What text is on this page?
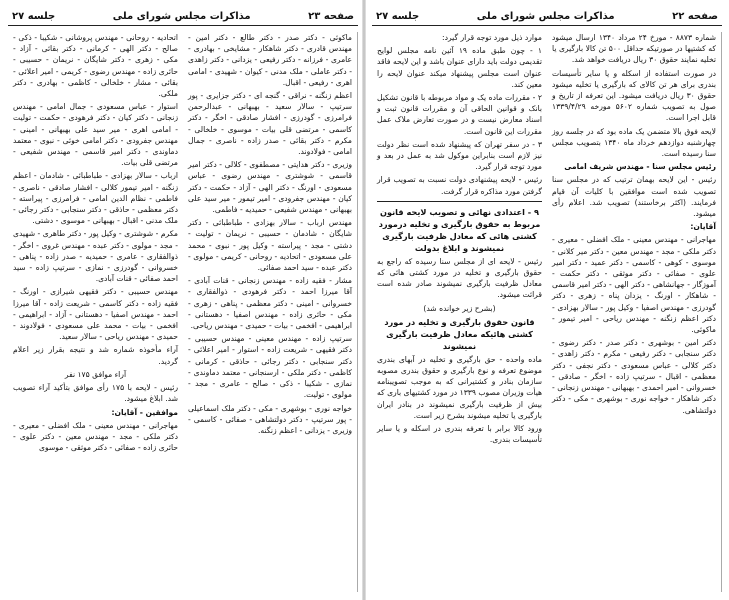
صفحه ۲۳
مذاکرات مجلس شورای ملی
جلسه ۲۷

اتحادیه - روحانی - مهندس پروشانی - شکیبا - ذکی - صالح - دکتر الهی - کرمانی - دکتر بقائی - آزاد - مکی - زهری - دکتر شایگان - نریمان - حسیبی - حائری زاده - مهندس رضوی - کریمی - امیر اعلائی - بقائی - مشار - خلخالی - کاظمی - بهادری - دکتر ملکی.

استوار - عباس مسعودی - جمال امامی - مهندس زنجانی - دکتر کیان - دکتر فرهودی - حکمت - تولیت - امامی اهری - میر سید علی بهبهانی - امینی - مهندس جفرودی - دکتر امامی خوئی - نبوی - معتمد دماوندی - دکتر امیر قاسمی - مهندس شفیعی - مرتضی قلی بیات.

ارباب - سالار بهزادی - طباطبائی - شادمان - اعظم زنگنه - امیر تیمور کلالی - افشار صادقی - ناصری - فاطمی - نظام الدین امامی - فرامرزی - پیراسته - دکتر معظمی - حاذقی - دکتر سنجابی - دکتر رجائی - ملک مدنی - اقبال - بهبهانی - موسوی - دشتی.

مکرم - شوشتری - وکیل پور - دکتر طاهری - شهیدی - مجد - مولوی - دکتر عبده - مهندس غروی - اخگر - ذوالفقاری - عامری - حمیدیه - صدر زاده - پناهی - خسروانی - گودرزی - نمازی - سرتیپ زاده - سید احمد صفائی - قنات آبادی.

مهندس حسیبی - دکتر فقیهی شیرازی - اورنگ - فقیه زاده - دکتر کاسمی - شریعت زاده - آقا میرزا احمد - مهندس اصفیا - دهستانی - آزاد - ابراهیمی - افخمی - بیات - محمد علی مسعودی - فولادوند - حمیدی - مهندس ریاحی - سالار سعید.

آراء مأخوذه شماره شد و نتیجه بقرار زیر اعلام گردید.

آراء موافق ۱۷۵ نفر

رئیس - لایحه با ۱۷۵ رأی موافق بتأکید آراء تصویب شد. ابلاغ میشود.

موافقین - آقایان:

مهاجرانی - مهندس معینی - ملک افضلی - معیری - دکتر ملکی - مجد - مهندس معین - دکتر علوی - حائری زاده - صفائی - دکتر موثقی - موسوی

ماکوئی - دکتر صدر - دکتر طالع - دکتر امین - مهندس قادری - دکتر شاهکار - مشایخی - بهادری - عامری - فرزانه - دکتر رفیعی - یزدانی - دکتر زاهدی - دکتر عاملی - ملک مدنی - کیوان - شهیدی - امامی اهری - رفیعی - اقبال.

اعظم زنگنه - نراقی - گنجه ای - دکتر جزایری - پور سرتیپ - سالار سعید - بهبهانی - عبدالرحمن فرامرزی - گودرزی - افشار صادقی - اخگر - دکتر کاسمی - مرتضی قلی بیات - موسوی - خلخالی - مکرم - دکتر بقائی - صدر زاده - ناصری - جمال امامی - فولادوند.

وزیری - دکتر هدایتی - مصطفوی - کلالی - دکتر امیر قاسمی - شوشتری - مهندس رضوی - عباس مسعودی - اورنگ - دکتر الهی - آزاد - حکمت - دکتر کیان - مهندس جفرودی - امیر تیمور - میر سید علی بهبهانی - مهندس شفیعی - حمیدیه - فاطمی.

مهندس ارباب - سالار بهزادی - طباطبائی - دکتر شایگان - شادمان - حسیبی - نریمان - تولیت - دشتی - مجد - پیراسته - وکیل پور - نبوی - محمد علی مسعودی - اتحادیه - روحانی - کریمی - مولوی - دکتر عبده - سید احمد صفائی.

مشار - فقیه زاده - مهندس زنجانی - قنات آبادی - آقا میرزا احمد - دکتر فرهودی - ذوالفقاری - خسروانی - امینی - دکتر معظمی - پناهی - زهری - مکی - حائری زاده - مهندس اصفیا - دهستانی - ابراهیمی - افخمی - بیات - حمیدی - مهندس ریاحی.

سرتیپ زاده - مهندس معینی - مهندس حسیبی - دکتر فقیهی - شریعت زاده - استوار - امیر اعلائی - دکتر سنجابی - دکتر رجائی - حاذقی - کرمانی - کاظمی - دکتر ملکی - ارسنجانی - معتمد دماوندی - نمازی - شکیبا - ذکی - صالح - عامری - مجد - مولوی - تولیت.

خواجه نوری - بوشهری - مکی - دکتر ملک اسماعیلی - پور سرتیپ - دکتر دولتشاهی - صفائی - کاسمی - وزیری - یزدانی - اعظم زنگنه.

صفحه ۲۲
مذاکرات مجلس شورای ملی
جلسه ۲۷

موارد ذیل مورد توجه قرار گیرد:

۱ - چون طبق ماده ۱۹ آئین نامه مجلس لوایح تقدیمی دولت باید دارای عنوان باشد و این لایحه فاقد عنوان است مجلس پیشنهاد میکند عنوان لایحه را معین کند.

۲ - مقررات ماده یک و مواد مربوطه با قانون تشکیل بانک و قوانین الحاقی آن و مقررات قانون ثبت و اسناد معارض نیست و در صورت تعارض ملاک عمل مقررات این قانون است.

۳ - در سفر تهران که پیشنهاد شده است نظر دولت نیز لازم است بنابراین موکول شد به عمل در بعد و مورد توجه قرار گیرد.

رئیس - لایحه پیشنهادی دولت نسبت به تصویب قرار گرفتن مورد مذاکره قرار گرفت.

۹ - اعتدادی نهائی و تصویب لایحه قانون مربوط به حقوق بارگیری و تخلیه درمورد کشتی هائی که معادل ظرفیت بارگیری نمیشوند و ابلاغ بدولت

رئیس - لایحه ای از مجلس سنا رسیده که راجع به حقوق بارگیری و تخلیه در مورد کشتی هائی که معادل ظرفیت بارگیری نمیشوند صادر شده است قرائت میشود.

(بشرح زیر خوانده شد)

قانون حقوق بارگیری و تخلیه در مورد کشتی هائیکه معادل ظرفیت بارگیری نمیشوند

ماده واحده - حق بارگیری و تخلیه در آبهای بندری موضوع تعرفه و نوع بارگیری و حقوق بندری مصوبه سازمان بنادر و کشتیرانی که به موجب تصویبنامه هیأت وزیران مصوب ۱۳۳۹ در مورد کشتیهای باری که بیش از ظرفیت بارگیری نمیشوند در بنادر ایران بارگیری یا تخلیه میشوند بشرح زیر است.

ورود کالا برابر با تعرفه بندری در اسکله و یا سایر تأسیسات بندری.

شماره ۸۸۷۳ - مورخ ۲۴ مرداد ۱۳۴۰ ارسال میشود که کشتیها در صورتیکه حداقل ۵۰۰ تن کالا بارگیری یا تخلیه نمایند حقوق ۳۰ ریال دریافت خواهد شد.

در صورت استفاده از اسکله و یا سایر تأسیسات بندری برای هر تن کالای که بارگیری یا تخلیه میشود حقوق ۳۰ ریال دریافت میشود. این تعرفه از تاریخ و صول به تصویب شماره ۵۶۰۲ مورخه ۱۳۳۹/۴/۲۹ قابل اجرا است.

لایحه فوق بالا متضمن یک ماده بود که در جلسه روز چهارشنبه دوازدهم خرداد ماه ۱۳۴۰ بتصویب مجلس سنا رسیده است.

رئیس مجلس سنا - مهندس شریف امامی

رئیس - این لایحه بهمان ترتیب که در مجلس سنا تصویب شده است موافقین با کلیات آن قیام فرمایند. (اکثر برخاستند) تصویب شد. اعلام رأی میشود.

آقایان:

مهاجرانی - مهندس معینی - ملک افضلی - معیری - دکتر ملکی - مجد - مهندس معین - دکتر میر کلانی - موسوی - کوهی - کاسمی - دکتر عمید - دکتر امیر علوی - صفائی - دکتر موثقی - دکتر حکمت - آموزگار - جهانشاهی - دکتر الهی - دکتر امیر قاسمی - شاهکار - اورنگ - یزدان پناه - زهری - دکتر گودرزی - مهندس اصفیا - وکیل پور - سالار بهزادی - دکتر اعظم زنگنه - مهندس ریاحی - امیر تیمور - ماکوئی.

دکتر امین - بوشهری - دکتر صدر - دکتر رضوی - دکتر سنجابی - دکتر رفیعی - مکرم - دکتر زاهدی - دکتر کلالی - عباس مسعودی - دکتر نجفی - دکتر معظمی - اقبال - سرتیپ زاده - اخگر - صادقی - خسروانی - امیر احمدی - بهبهانی - مهندس زنجانی - دکتر شاهکار - خواجه نوری - بوشهری - مکی - دکتر دولتشاهی.
